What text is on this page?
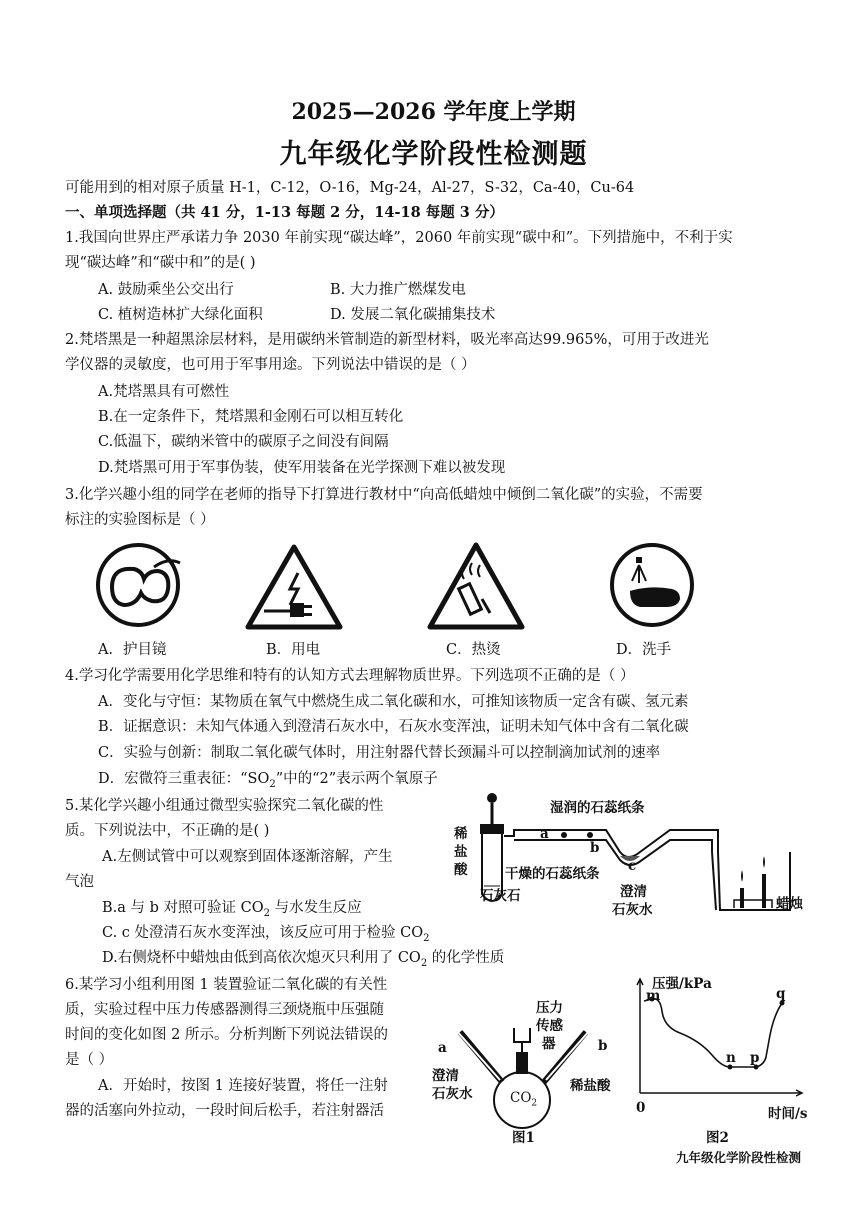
2025—2026 学年度上学期
九年级化学阶段性检测题
可能用到的相对原子质量 H-1，C-12，O-16，Mg-24，Al-27，S-32，Ca-40，Cu-64
一、单项选择题（共 41 分，1-13 每题 2 分，14-18 每题 3 分）
1.我国向世界庄严承诺力争 2030 年前实现“碳达峰”，2060 年前实现“碳中和”。下列措施中，不利于实
现“碳达峰”和“碳中和”的是( )
A. 鼓励乘坐公交出行	B. 大力推广燃煤发电
C. 植树造林扩大绿化面积	D. 发展二氧化碳捕集技术
2.梵塔黑是一种超黑涂层材料，是用碳纳米管制造的新型材料，吸光率高达99.965%，可用于改进光
学仪器的灵敏度，也可用于军事用途。下列说法中错误的是（ ）
A.梵塔黑具有可燃性
B.在一定条件下，梵塔黑和金刚石可以相互转化
C.低温下，碳纳米管中的碳原子之间没有间隔
D.梵塔黑可用于军事伪装，使军用装备在光学探测下难以被发现
3.化学兴趣小组的同学在老师的指导下打算进行教材中“向高低蜡烛中倾倒二氧化碳”的实验，不需要
标注的实验图标是（ ）
A．护目镜	B．用电	C．热烫	D．洗手
4.学习化学需要用化学思维和特有的认知方式去理解物质世界。下列选项不正确的是（ ）
A．变化与守恒：某物质在氧气中燃烧生成二氧化碳和水，可推知该物质一定含有碳、氢元素
B．证据意识：未知气体通入到澄清石灰水中，石灰水变浑浊，证明未知气体中含有二氧化碳
C．实验与创新：制取二氧化碳气体时，用注射器代替长颈漏斗可以控制滴加试剂的速率
D．宏微符三重表征：“$SO_2$”中的“2”表示两个氧原子
5.某化学兴趣小组通过微型实验探究二氧化碳的性
质。下列说法中，不正确的是( )
A.左侧试管中可以观察到固体逐渐溶解，产生
气泡
B.a 与 b 对照可验证 $CO_2$ 与水发生反应
C. c 处澄清石灰水变浑浊，该反应可用于检验 $CO_2$
D.右侧烧杯中蜡烛由低到高依次熄灭只利用了 $CO_2$ 的化学性质
湿润的石蕊纸条
稀
盐
酸
a
b
c
干燥的石蕊纸条
石灰石	澄清
石灰水	蜡烛
6.某学习小组利用图 1 装置验证二氧化碳的有关性
质，实验过程中压力传感器测得三颈烧瓶中压强随
时间的变化如图 2 所示。分析判断下列说法错误的
是（ ）
A．开始时，按图 1 连接好装置，将任一注射
器的活塞向外拉动，一段时间后松手，若注射器活
压力
传感
器
a	b
澄清
石灰水	稀盐酸
$CO_2$
图1
压强/kPa
m
n p
q
0	时间/s
图2
九年级化学阶段性检测
